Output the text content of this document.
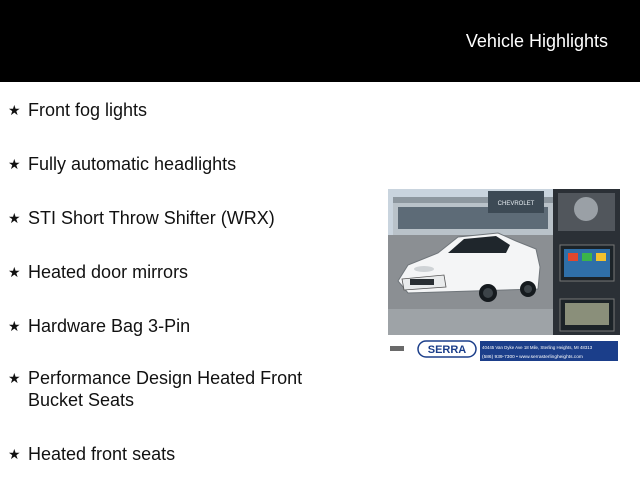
Vehicle Highlights
★ Front fog lights
★ Fully automatic headlights
★ STI Short Throw Shifter (WRX)
★ Heated door mirrors
★ Hardware Bag 3-Pin
★ Performance Design Heated Front Bucket Seats
★ Heated front seats
CHEVROLET
SERRA	40445 Van Dyke Ave 18 Mile, Sterling Heights, MI 48313
(586) 939-7300 • www.serrasterlingheights.com
